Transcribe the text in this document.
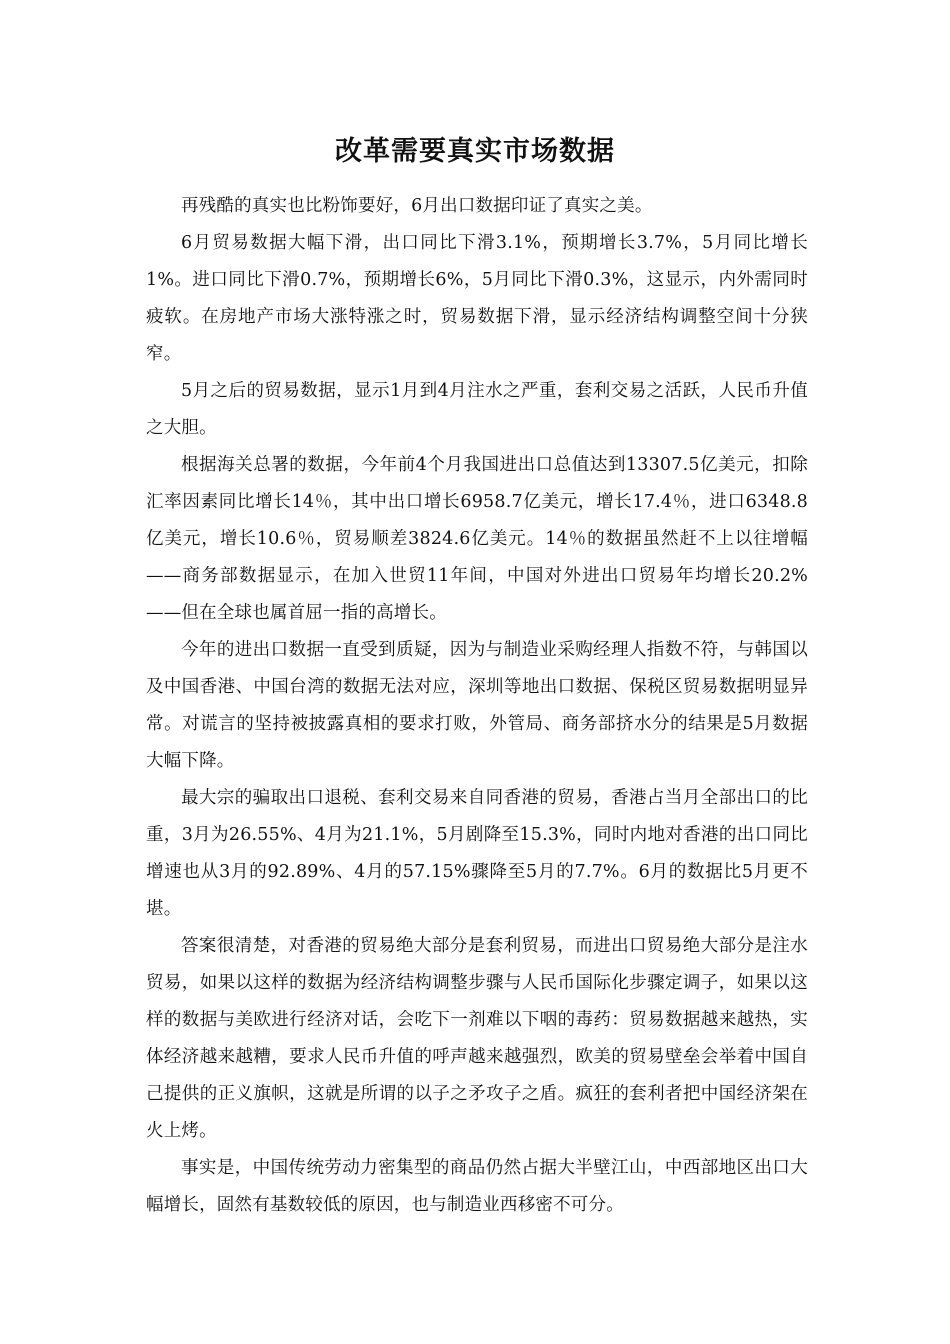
改革需要真实市场数据

再残酷的真实也比粉饰要好，6月出口数据印证了真实之美。

6月贸易数据大幅下滑，出口同比下滑3.1%，预期增长3.7%，5月同比增长1%。进口同比下滑0.7%，预期增长6%，5月同比下滑0.3%，这显示，内外需同时疲软。在房地产市场大涨特涨之时，贸易数据下滑，显示经济结构调整空间十分狭窄。

5月之后的贸易数据，显示1月到4月注水之严重，套利交易之活跃，人民币升值之大胆。

根据海关总署的数据，今年前4个月我国进出口总值达到13307.5亿美元，扣除汇率因素同比增长14％，其中出口增长6958.7亿美元，增长17.4％，进口6348.8亿美元，增长10.6％，贸易顺差3824.6亿美元。14％的数据虽然赶不上以往增幅——商务部数据显示，在加入世贸11年间，中国对外进出口贸易年均增长20.2%——但在全球也属首屈一指的高增长。

今年的进出口数据一直受到质疑，因为与制造业采购经理人指数不符，与韩国以及中国香港、中国台湾的数据无法对应，深圳等地出口数据、保税区贸易数据明显异常。对谎言的坚持被披露真相的要求打败，外管局、商务部挤水分的结果是5月数据大幅下降。

最大宗的骗取出口退税、套利交易来自同香港的贸易，香港占当月全部出口的比重，3月为26.55%、4月为21.1%，5月剧降至15.3%，同时内地对香港的出口同比增速也从3月的92.89%、4月的57.15%骤降至5月的7.7%。6月的数据比5月更不堪。

答案很清楚，对香港的贸易绝大部分是套利贸易，而进出口贸易绝大部分是注水贸易，如果以这样的数据为经济结构调整步骤与人民币国际化步骤定调子，如果以这样的数据与美欧进行经济对话，会吃下一剂难以下咽的毒药：贸易数据越来越热，实体经济越来越糟，要求人民币升值的呼声越来越强烈，欧美的贸易壁垒会举着中国自己提供的正义旗帜，这就是所谓的以子之矛攻子之盾。疯狂的套利者把中国经济架在火上烤。

事实是，中国传统劳动力密集型的商品仍然占据大半壁江山，中西部地区出口大幅增长，固然有基数较低的原因，也与制造业西移密不可分。
